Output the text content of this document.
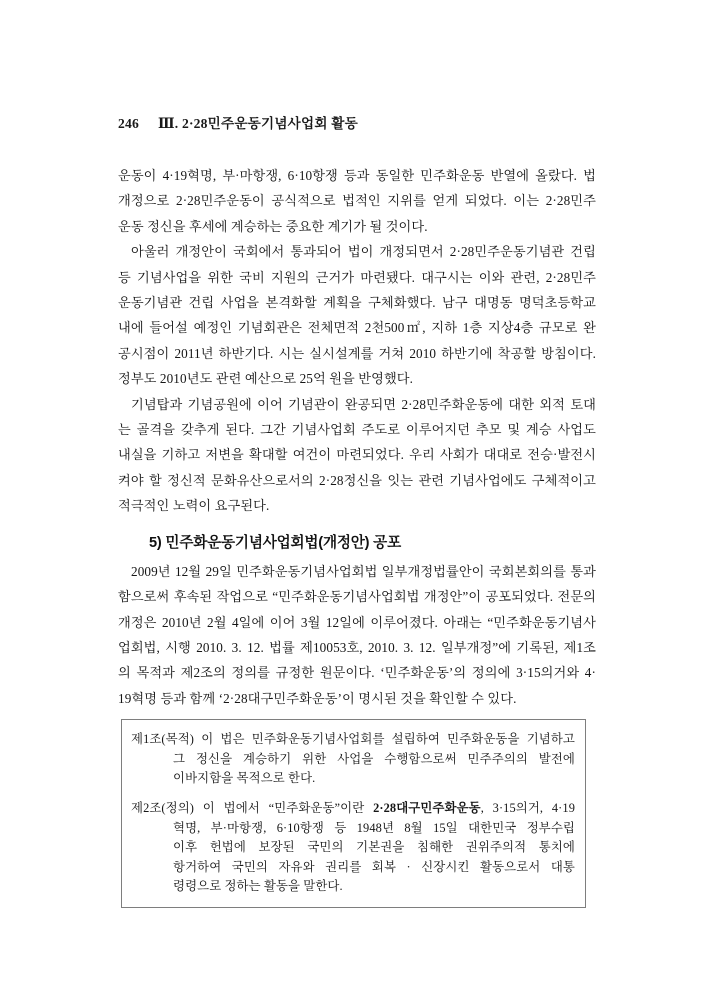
246 Ⅲ. 2·28민주운동기념사업회 활동
운동이 4·19혁명, 부·마항쟁, 6·10항쟁 등과 동일한 민주화운동 반열에 올랐다. 법
개정으로 2·28민주운동이 공식적으로 법적인 지위를 얻게 되었다. 이는 2·28민주
운동 정신을 후세에 계승하는 중요한 계기가 될 것이다.
아울러 개정안이 국회에서 통과되어 법이 개정되면서 2·28민주운동기념관 건립
등 기념사업을 위한 국비 지원의 근거가 마련됐다. 대구시는 이와 관련, 2·28민주
운동기념관 건립 사업을 본격화할 계획을 구체화했다. 남구 대명동 명덕초등학교
내에 들어설 예정인 기념회관은 전체면적 2천500㎡, 지하 1층 지상4층 규모로 완
공시점이 2011년 하반기다. 시는 실시설계를 거쳐 2010 하반기에 착공할 방침이다.
정부도 2010년도 관련 예산으로 25억 원을 반영했다.
기념탑과 기념공원에 이어 기념관이 완공되면 2·28민주화운동에 대한 외적 토대
는 골격을 갖추게 된다. 그간 기념사업회 주도로 이루어지던 추모 및 계승 사업도
내실을 기하고 저변을 확대할 여건이 마련되었다. 우리 사회가 대대로 전승·발전시
켜야 할 정신적 문화유산으로서의 2·28정신을 잇는 관련 기념사업에도 구체적이고
적극적인 노력이 요구된다.
5) 민주화운동기념사업회법(개정안) 공포
2009년 12월 29일 민주화운동기념사업회법 일부개정법률안이 국회본회의를 통과
함으로써 후속된 작업으로 “민주화운동기념사업회법 개정안”이 공포되었다. 전문의
개정은 2010년 2월 4일에 이어 3월 12일에 이루어졌다. 아래는 “민주화운동기념사
업회법, 시행 2010. 3. 12. 법률 제10053호, 2010. 3. 12. 일부개정”에 기록된, 제1조
의 목적과 제2조의 정의를 규정한 원문이다. ‘민주화운동’의 정의에 3·15의거와 4·
19혁명 등과 함께 ‘2·28대구민주화운동’이 명시된 것을 확인할 수 있다.
제1조(목적) 이 법은 민주화운동기념사업회를 설립하여 민주화운동을 기념하고
그 정신을 계승하기 위한 사업을 수행함으로써 민주주의의 발전에
이바지함을 목적으로 한다.
제2조(정의) 이 법에서 “민주화운동”이란 2·28대구민주화운동, 3·15의거, 4·19
혁명, 부·마항쟁, 6·10항쟁 등 1948년 8월 15일 대한민국 정부수립
이후 헌법에 보장된 국민의 기본권을 침해한 권위주의적 통치에
항거하여 국민의 자유와 권리를 회복 · 신장시킨 활동으로서 대통
령령으로 정하는 활동을 말한다.
